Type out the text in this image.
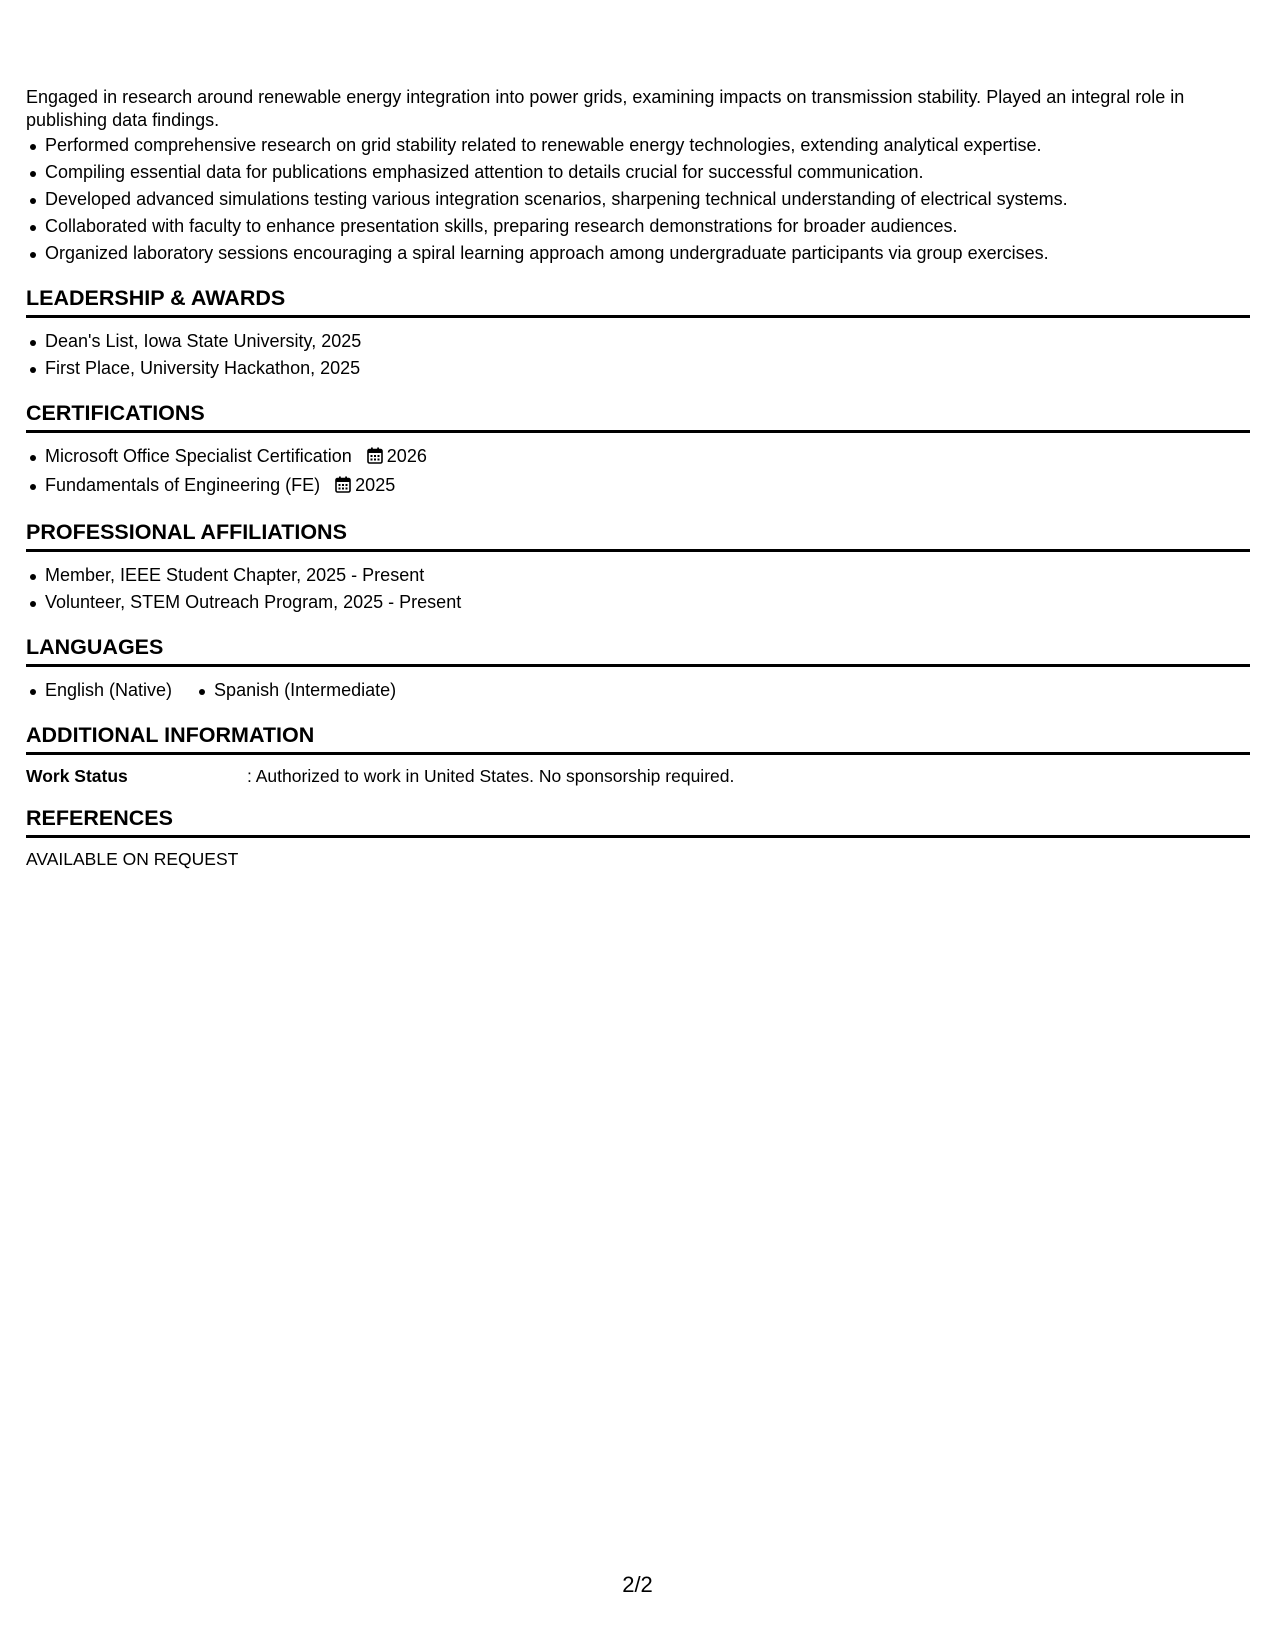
Engaged in research around renewable energy integration into power grids, examining impacts on transmission stability. Played an integral role in publishing data findings.

Performed comprehensive research on grid stability related to renewable energy technologies, extending analytical expertise.
Compiling essential data for publications emphasized attention to details crucial for successful communication.
Developed advanced simulations testing various integration scenarios, sharpening technical understanding of electrical systems.
Collaborated with faculty to enhance presentation skills, preparing research demonstrations for broader audiences.
Organized laboratory sessions encouraging a spiral learning approach among undergraduate participants via group exercises.
LEADERSHIP & AWARDS
Dean's List, Iowa State University, 2025
First Place, University Hackathon, 2025
CERTIFICATIONS
Microsoft Office Specialist Certification 2026
Fundamentals of Engineering (FE) 2025
PROFESSIONAL AFFILIATIONS
Member, IEEE Student Chapter, 2025 - Present
Volunteer, STEM Outreach Program, 2025 - Present
LANGUAGES
English (Native) Spanish (Intermediate)
ADDITIONAL INFORMATION
Work Status	: Authorized to work in United States. No sponsorship required.
REFERENCES
AVAILABLE ON REQUEST
2/2
